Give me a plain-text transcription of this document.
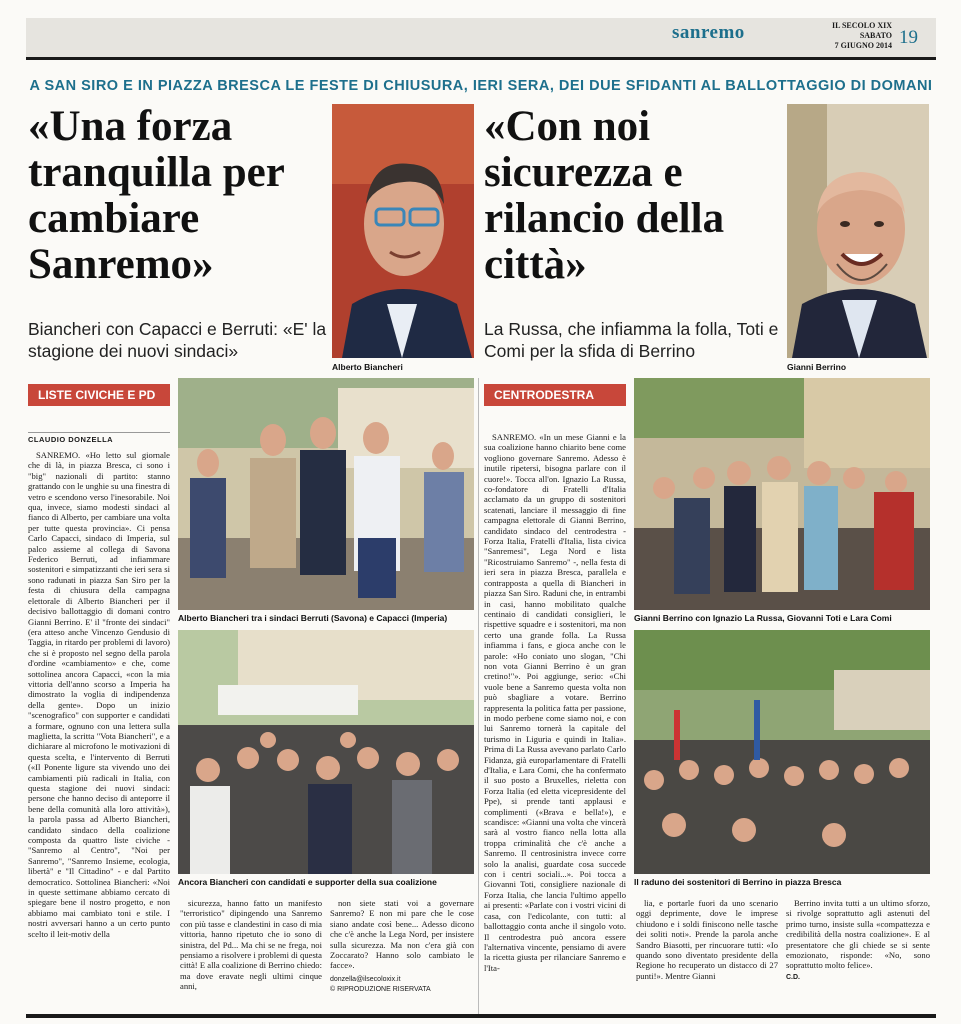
sanremo	IL SECOLO XIX
SABATO
7 GIUGNO 2014 19
A SAN SIRO E IN PIAZZA BRESCA LE FESTE DI CHIUSURA, IERI SERA, DEI DUE SFIDANTI AL BALLOTTAGGIO DI DOMANI
«Una forza tranquilla per cambiare Sanremo»
Biancheri con Capacci e Berruti: «E' la stagione dei nuovi sindaci»
Alberto Biancheri
«Con noi sicurezza e rilancio della città»
La Russa, che infiamma la folla, Toti e Comi per la sfida di Berrino
Gianni Berrino
LISTE CIVICHE E PD
CLAUDIO DONZELLA

SANREMO. «Ho letto sul giornale che di là, in piazza Bresca, ci sono i "big" nazionali di partito: stanno grattando con le unghie su una finestra di vetro e scendono verso l'inesorabile. Noi qua, invece, siamo modesti sindaci al fianco di Alberto, per cambiare una volta per tutte questa provincia». Ci pensa Carlo Capacci, sindaco di Imperia, sul palco assieme al collega di Savona Federico Berruti, ad infiammare sostenitori e simpatizzanti che ieri sera si sono radunati in piazza San Siro per la festa di chiusura della campagna elettorale di Alberto Biancheri per il decisivo ballottaggio di domani contro Gianni Berrino. E' il "fronte dei sindaci" (era atteso anche Vincenzo Gendusio di Taggia, in ritardo per problemi di lavoro) che si è proposto nel segno della parola d'ordine «cambiamento» e che, come sottolinea ancora Capacci, «con la mia vittoria dell'anno scorso a Imperia ha dimostrato la voglia di indipendenza della gente». Dopo un inizio "scenografico" con supporter e candidati a formare, ognuno con una lettera sulla maglietta, la scritta "Vota Biancheri", e a dichiarare al microfono le motivazioni di questa scelta, e l'intervento di Berruti («Il Ponente ligure sta vivendo uno dei cambiamenti più radicali in Italia, con questa stagione dei nuovi sindaci: persone che hanno deciso di anteporre il bene della comunità alla loro attività»), la parola passa ad Alberto Biancheri, candidato sindaco della coalizione composta da quattro liste civiche - "Sanremo al Centro", "Noi per Sanremo", "Sanremo Insieme, ecologia, libertà" e "Il Cittadino" - e dal Partito democratico. Sottolinea Biancheri: «Noi in queste settimane abbiamo cercato di spiegare bene il nostro progetto, e non abbiamo mai cambiato toni e stile. I nostri avversari hanno a un certo punto scelto il leit-motiv della

Alberto Biancheri tra i sindaci Berruti (Savona) e Capacci (Imperia)
Ancora Biancheri con candidati e supporter della sua coalizione

sicurezza, hanno fatto un manifesto "terroristico" dipingendo una Sanremo con più tasse e clandestini in caso di mia vittoria, hanno ripetuto che io sono di sinistra, del Pd... Ma chi se ne frega, noi pensiamo a risolvere i problemi di questa città! E alla coalizione di Berrino chiedo: ma dove eravate negli ultimi cinque anni,

non siete stati voi a governare Sanremo? E non mi pare che le cose siano andate così bene... Adesso dicono che c'è anche la Lega Nord, per insistere sulla sicurezza. Ma non c'era già con Zoccarato? Hanno solo cambiato le facce».

donzella@ilsecoloxix.it
© RIPRODUZIONE RISERVATA
CENTRODESTRA

SANREMO. «In un mese Gianni e la sua coalizione hanno chiarito bene come vogliono governare Sanremo. Adesso è inutile ripetersi, bisogna parlare con il cuore!». Tocca all'on. Ignazio La Russa, co-fondatore di Fratelli d'Italia acclamato da un gruppo di sostenitori scatenati, lanciare il messaggio di fine campagna elettorale di Gianni Berrino, candidato sindaco del centrodestra - Forza Italia, Fratelli d'Italia, lista civica "Sanremesi", Lega Nord e lista "Ricostruiamo Sanremo" -, nella festa di ieri sera in piazza Bresca, parallela e contrapposta a quella di Biancheri in piazza San Siro. Raduni che, in entrambi in casi, hanno mobilitato qualche centinaio di candidati consiglieri, le rispettive squadre e i sostenitori, ma non certo una grande folla. La Russa infiamma i fans, e gioca anche con le parole: «Ho coniato uno slogan, "Chi non vota Gianni Berrino è un gran cretino!"». Poi aggiunge, serio: «Chi vuole bene a Sanremo questa volta non può sbagliare a votare. Berrino rappresenta la politica fatta per passione, in modo perbene come siamo noi, e con lui Sanremo tornerà la capitale del turismo in Liguria e quindi in Italia». Prima di La Russa avevano parlato Carlo Fidanza, già europarlamentare di Fratelli d'Italia, e Lara Comi, che ha confermato il suo posto a Bruxelles, rieletta con Forza Italia (ed eletta vicepresidente del Ppe), si prende tanti applausi e complimenti («Brava e bella!»), e scandisce: «Gianni una volta che vincerà sarà al vostro fianco nella lotta alla troppa criminalità che c'è anche a Sanremo. Il centrosinistra invece corre solo la analisi, guardate cosa succede con i centri sociali...». Poi tocca a Giovanni Toti, consigliere nazionale di Forza Italia, che lancia l'ultimo appello ai presenti: «Parlate con i vostri vicini di casa, con l'edicolante, con tutti: al ballottaggio conta anche il singolo voto. Il centrodestra può ancora essere l'alternativa vincente, pensiamo di avere la ricetta giusta per rilanciare Sanremo e l'Ita-

Gianni Berrino con Ignazio La Russa, Giovanni Toti e Lara Comi
Il raduno dei sostenitori di Berrino in piazza Bresca

lia, e portarle fuori da uno scenario oggi deprimente, dove le imprese chiudono e i soldi finiscono nelle tasche dei soliti noti». Prende la parola anche Sandro Biasotti, per rincuorare tutti: «Io quando sono diventato presidente della Regione ho recuperato un distacco di 27 punti!». Mentre Gianni

Berrino invita tutti a un ultimo sforzo, si rivolge soprattutto agli astenuti del primo turno, insiste sulla «compattezza e credibilità della nostra coalizione». E al presentatore che gli chiede se si sente emozionato, risponde: «No, sono soprattutto molto felice».

C.D.
